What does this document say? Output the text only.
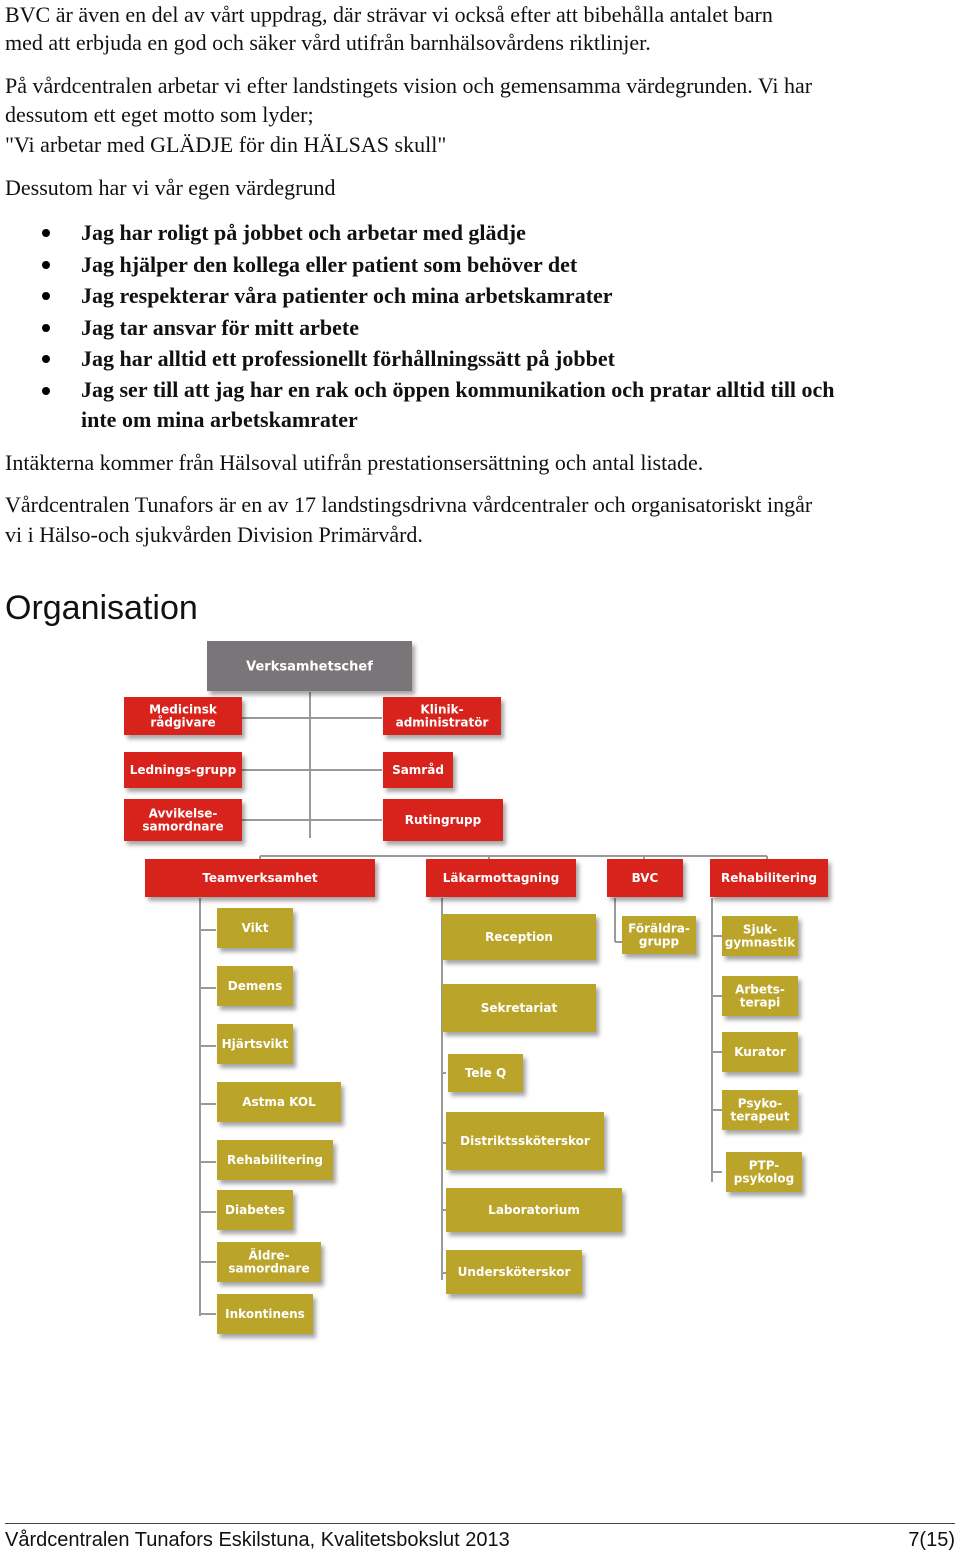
BVC är även en del av vårt uppdrag, där strävar vi också efter att bibehålla antalet barn

med att erbjuda en god och säker vård utifrån barnhälsovårdens riktlinjer.

På vårdcentralen arbetar vi efter landstingets vision och gemensamma värdegrunden. Vi har

dessutom ett eget motto som lyder;

"Vi arbetar med GLÄDJE för din HÄLSAS skull"

Dessutom har vi vår egen värdegrund

Jag har roligt på jobbet och arbetar med glädje
Jag hjälper den kollega eller patient som behöver det
Jag respekterar våra patienter och mina arbetskamrater
Jag tar ansvar för mitt arbete
Jag har alltid ett professionellt förhållningssätt på jobbet
Jag ser till att jag har en rak och öppen kommunikation och pratar alltid till och
inte om mina arbetskamrater

Intäkterna kommer från Hälsoval utifrån prestationsersättning och antal listade.

Vårdcentralen Tunafors är en av 17 landstingsdrivna vårdcentraler och organisatoriskt ingår

vi i Hälso-och sjukvården Division Primärvård.

Organisation
Verksamhetschef
Medicinsk
rådgivare
Lednings-grupp
Avvikelse-
samordnare
Klinik-
administratör
Samråd
Rutingrupp
Teamverksamhet	Läkarmottagning	BVC	Rehabilitering
Vikt
Demens
Hjärtsvikt
Astma KOL
Rehabilitering
Diabetes
Äldre-
samordnare
Inkontinens
Reception
Sekretariat
Tele Q
Distriktssköterskor
Laboratorium
Undersköterskor
Föräldra-
grupp
Sjuk-
gymnastik
Arbets-
terapi
Kurator
Psyko-
terapeut
PTP-
psykolog
Vårdcentralen Tunafors Eskilstuna, Kvalitetsbokslut 2013	7(15)
